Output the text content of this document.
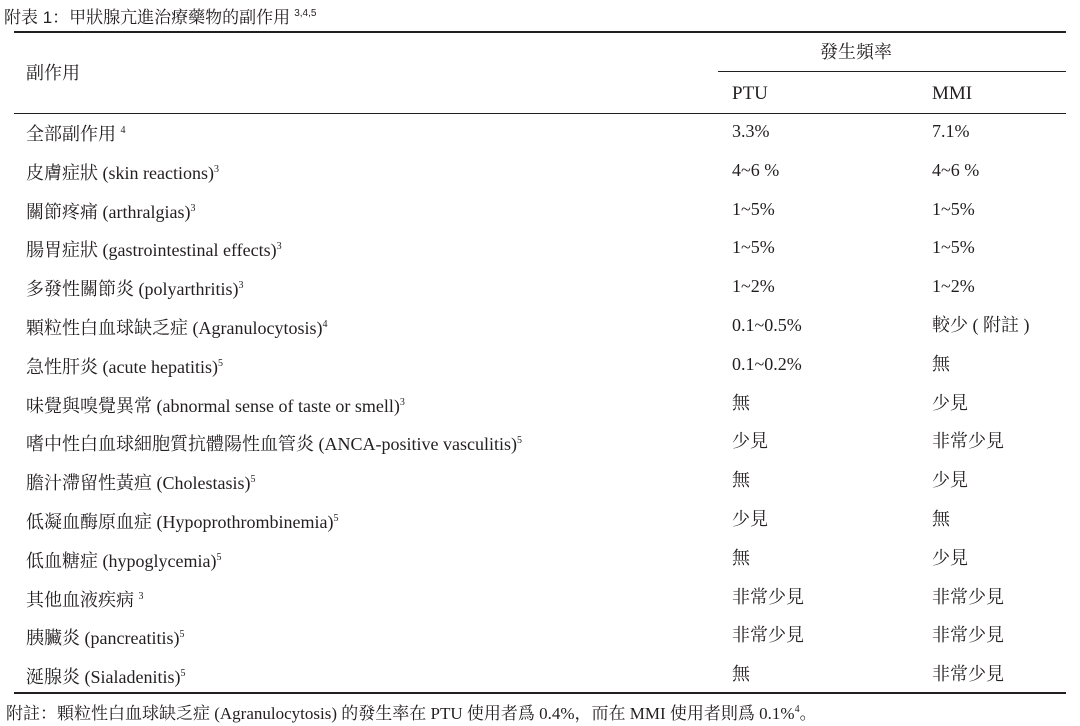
附表 1：甲狀腺亢進治療藥物的副作用 $^{3,4,5}$
副作用
發生頻率
PTU	MMI
全部副作用 $^4$	3.3%	7.1%
皮膚症狀 (skin reactions)$^3$	4~6 %	4~6 %
關節疼痛 (arthralgias)$^3$	1~5%	1~5%
腸胃症狀 (gastrointestinal effects)$^3$	1~5%	1~5%
多發性關節炎 (polyarthritis)$^3$	1~2%	1~2%
顆粒性白血球缺乏症 (Agranulocytosis)$^4$	0.1~0.5%	較少 ( 附註 )
急性肝炎 (acute hepatitis)$^5$	0.1~0.2%	無
味覺與嗅覺異常 (abnormal sense of taste or smell)$^3$	無	少見
嗜中性白血球細胞質抗體陽性血管炎 (ANCA-positive vasculitis)$^5$	少見	非常少見
膽汁滯留性黃疸 (Cholestasis)$^5$	無	少見
低凝血酶原血症 (Hypoprothrombinemia)$^5$	少見	無
低血糖症 (hypoglycemia)$^5$	無	少見
其他血液疾病 $^3$	非常少見	非常少見
胰臟炎 (pancreatitis)$^5$	非常少見	非常少見
涎腺炎 (Sialadenitis)$^5$	無	非常少見
附註：顆粒性白血球缺乏症 (Agranulocytosis) 的發生率在 PTU 使用者爲 0.4%，而在 MMI 使用者則爲 0.1%$^4$。
